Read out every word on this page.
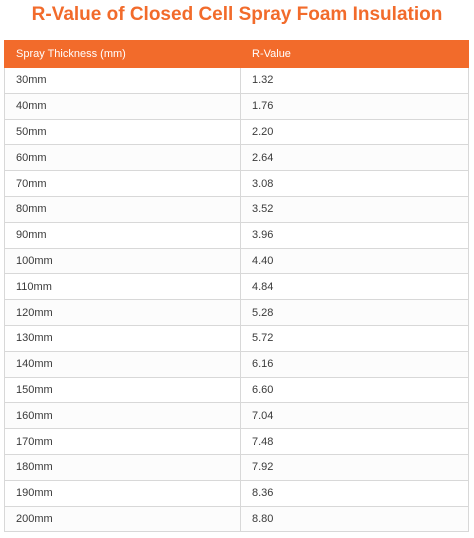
R-Value of Closed Cell Spray Foam Insulation
Spray Thickness (mm)	R-Value
30mm	1.32
40mm	1.76
50mm	2.20
60mm	2.64
70mm	3.08
80mm	3.52
90mm	3.96
100mm	4.40
110mm	4.84
120mm	5.28
130mm	5.72
140mm	6.16
150mm	6.60
160mm	7.04
170mm	7.48
180mm	7.92
190mm	8.36
200mm	8.80
